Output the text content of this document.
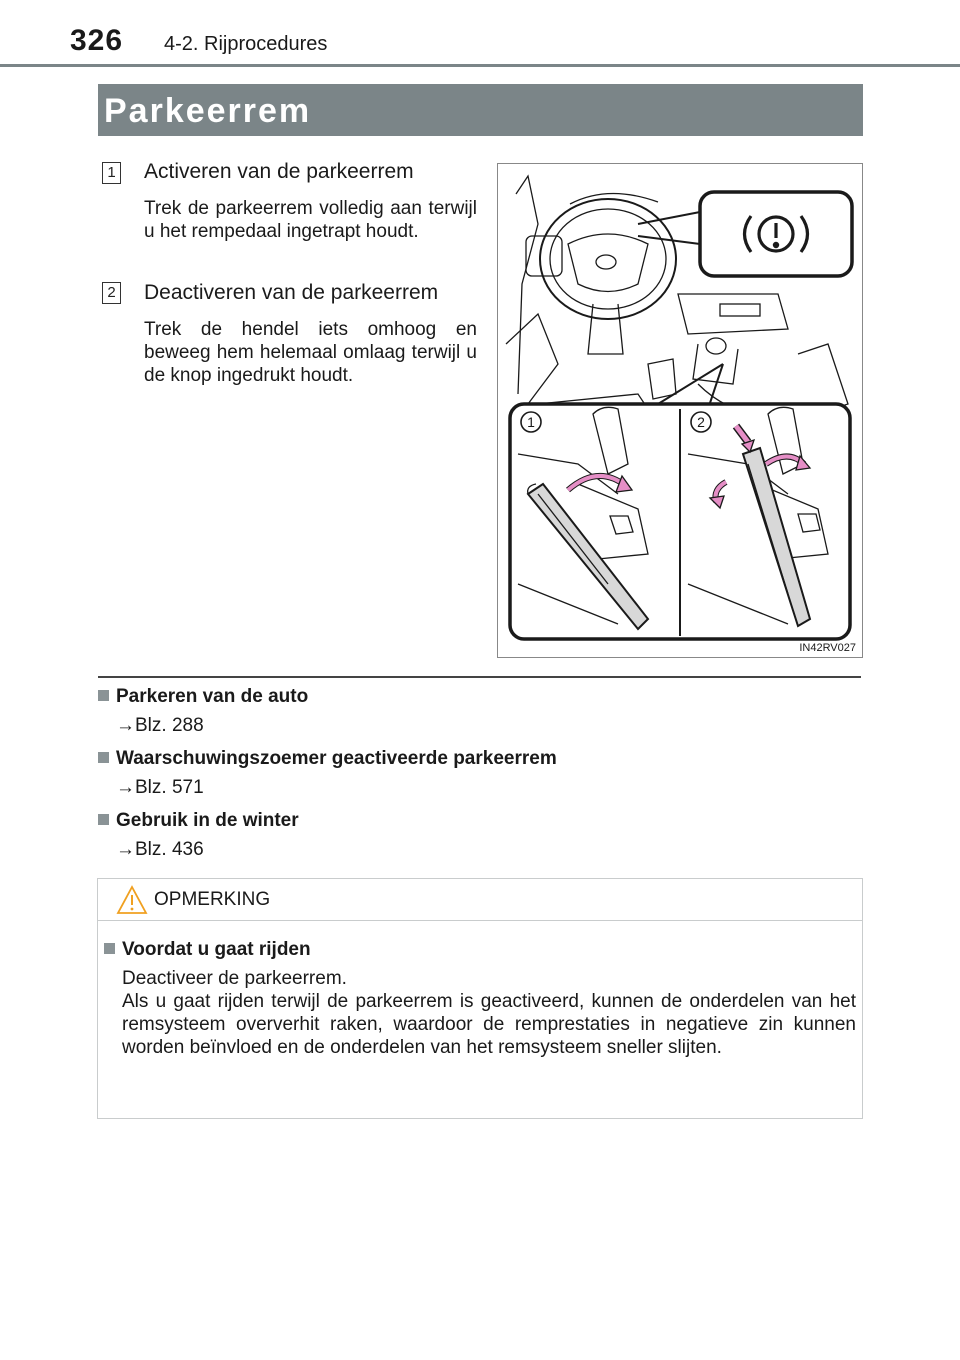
326 4-2. Rijprocedures
Parkeerrem
1 Activeren van de parkeerrem
Trek de parkeerrem volledig aan terwijl u het rempedaal ingetrapt houdt.
2 Deactiveren van de parkeerrem
Trek de hendel iets omhoog en beweeg hem helemaal omlaag terwijl u de knop ingedrukt houdt.
1	2
IN42RV027
Parkeren van de auto
→Blz. 288
Waarschuwingszoemer geactiveerde parkeerrem
→Blz. 571
Gebruik in de winter
→Blz. 436
OPMERKING
Voordat u gaat rijden

Deactiveer de parkeerrem.

Als u gaat rijden terwijl de parkeerrem is geactiveerd, kunnen de onderdelen van het remsysteem oververhit raken, waardoor de remprestaties in negatieve zin kunnen worden beïnvloed en de onderdelen van het remsysteem sneller slijten.
